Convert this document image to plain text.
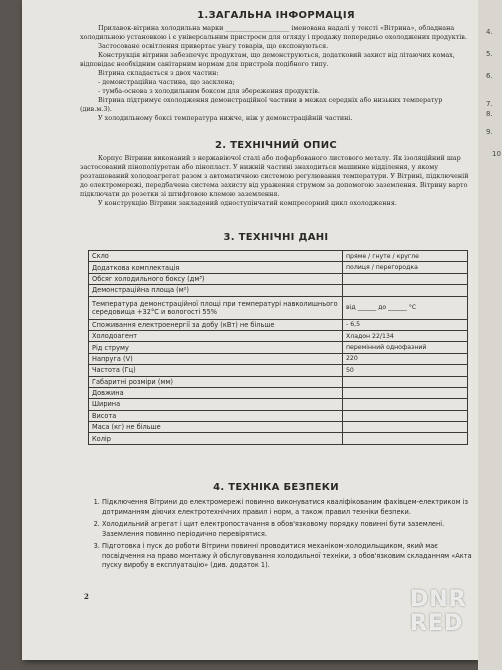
1.ЗАГАЛЬНА ІНФОРМАЦІЯ

Прилавок-вітрина холодильна марки ____________________ іменована надалі у тексті «Вітрина», обладнана холодильною установкою і є універсальним пристроєм для огляду і продажу попередньо охолоджених продуктів.

Застосоване освітлення привертає увагу товарів, що експонуються.

Конструкція вітрини забезпечує продуктам, що демонструються, додатковий захист від літаючих комах, відповідає необхідним санітарним нормам для пристроїв подібного типу.

Вітрина складається з двох частин:

- демонстраційна частина, що засклена;

- тумба-основа з холодильним боксом для збереження продуктів.

Вітрина підтримує охолодження демонстраційної частини в межах середніх або низьких температур (див.м.3).

У холодильному боксі температура нижче, ніж у демонстраційній частині.

2. ТЕХНІЧНИЙ ОПИС

Корпус Вітрини виконаний з нержавіючої сталі або пофарбованого листового металу. Як ізоляційний шар застосований пінополіуретан або пінопласт. У нижній частині знаходиться машинне відділення, у якому розташований холодоагрегат разом з автоматичною системою регулювання температури. У Вітрині, підключеній до електромережі, передбачена система захисту від ураження струмом за допомогою заземлення. Вітрину варто підключати до розетки зі штифтовою клемою заземлення.

У конструкцію Вітрини закладений одноступінчатий компресорний цикл охолодження.

3. ТЕХНІЧНІ ДАНІ
Скло	пряме / гнуте / кругле
Додаткова комплектація	полиця / перегородка
Обсяг холодильного боксу (дм³)	
Демонстраційна площа (м²)	
Температура демонстраційної площі при температурі навколишнього середовища +32°C и вологості 55%	від ______ до ______ °C
Споживання електроенергії за добу (кВт) не більше	- 6,5
Холодоагент	Хладон 22/134
Рід струму	перемінний однофазний
Напруга (V)	220
Частота (Гц)	50
Габаритні розміри (мм)	
Довжина	
Ширина	
Висота	
Маса (кг) не більше	
Колір	
4. ТЕХНІКА БЕЗПЕКИ
1. Підключення Вітрини до електромережі повинно виконуватися кваліфікованим фахівцем-електриком із дотриманням діючих електротехнічних правил і норм, а також правил техніки безпеки.
2. Холодильний агрегат і щит електропостачання в обов'язковому порядку повинні бути заземлені. Заземлення повинно періодично перевірятися.
3. Підготовка і пуск до роботи Вітрини повинні проводитися механіком-холодильщиком, який має посвідчення на право монтажу й обслуговування холодильної техніки, з обов'язковим складанням «Акта пуску виробу в експлуатацію» (див. додаток 1).
2
4.
5.
6.
7.
8.
9.
10
DNR RED
